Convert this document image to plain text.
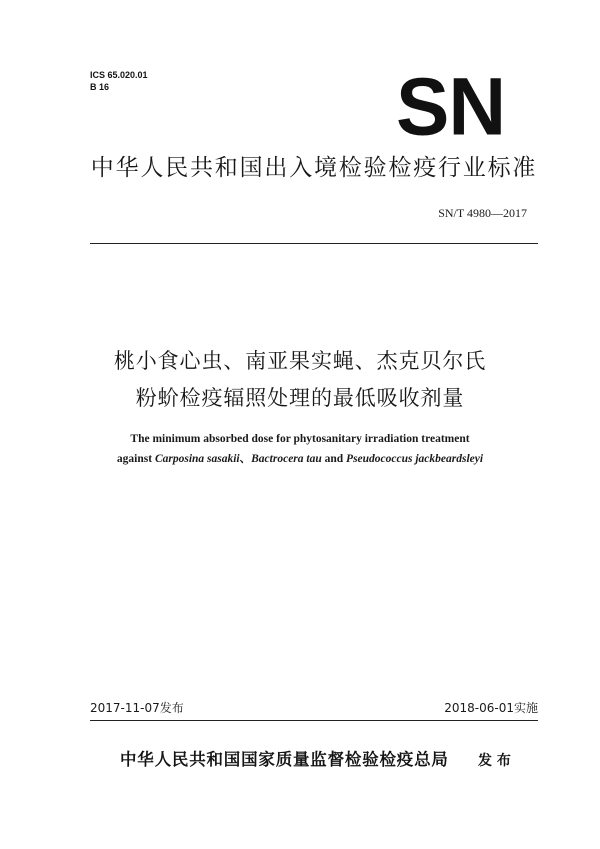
ICS 65.020.01
B 16	SN
中华人民共和国出入境检验检疫行业标准
SN/T 4980—2017
桃小食心虫、南亚果实蝇、杰克贝尔氏
粉蚧检疫辐照处理的最低吸收剂量
The minimum absorbed dose for phytosanitary irradiation treatment
against Carposina sasakii、Bactrocera tau and Pseudococcus jackbeardsleyi
2017-11-07发布	2018-06-01实施
中华人民共和国国家质量监督检验检疫总局 发 布
